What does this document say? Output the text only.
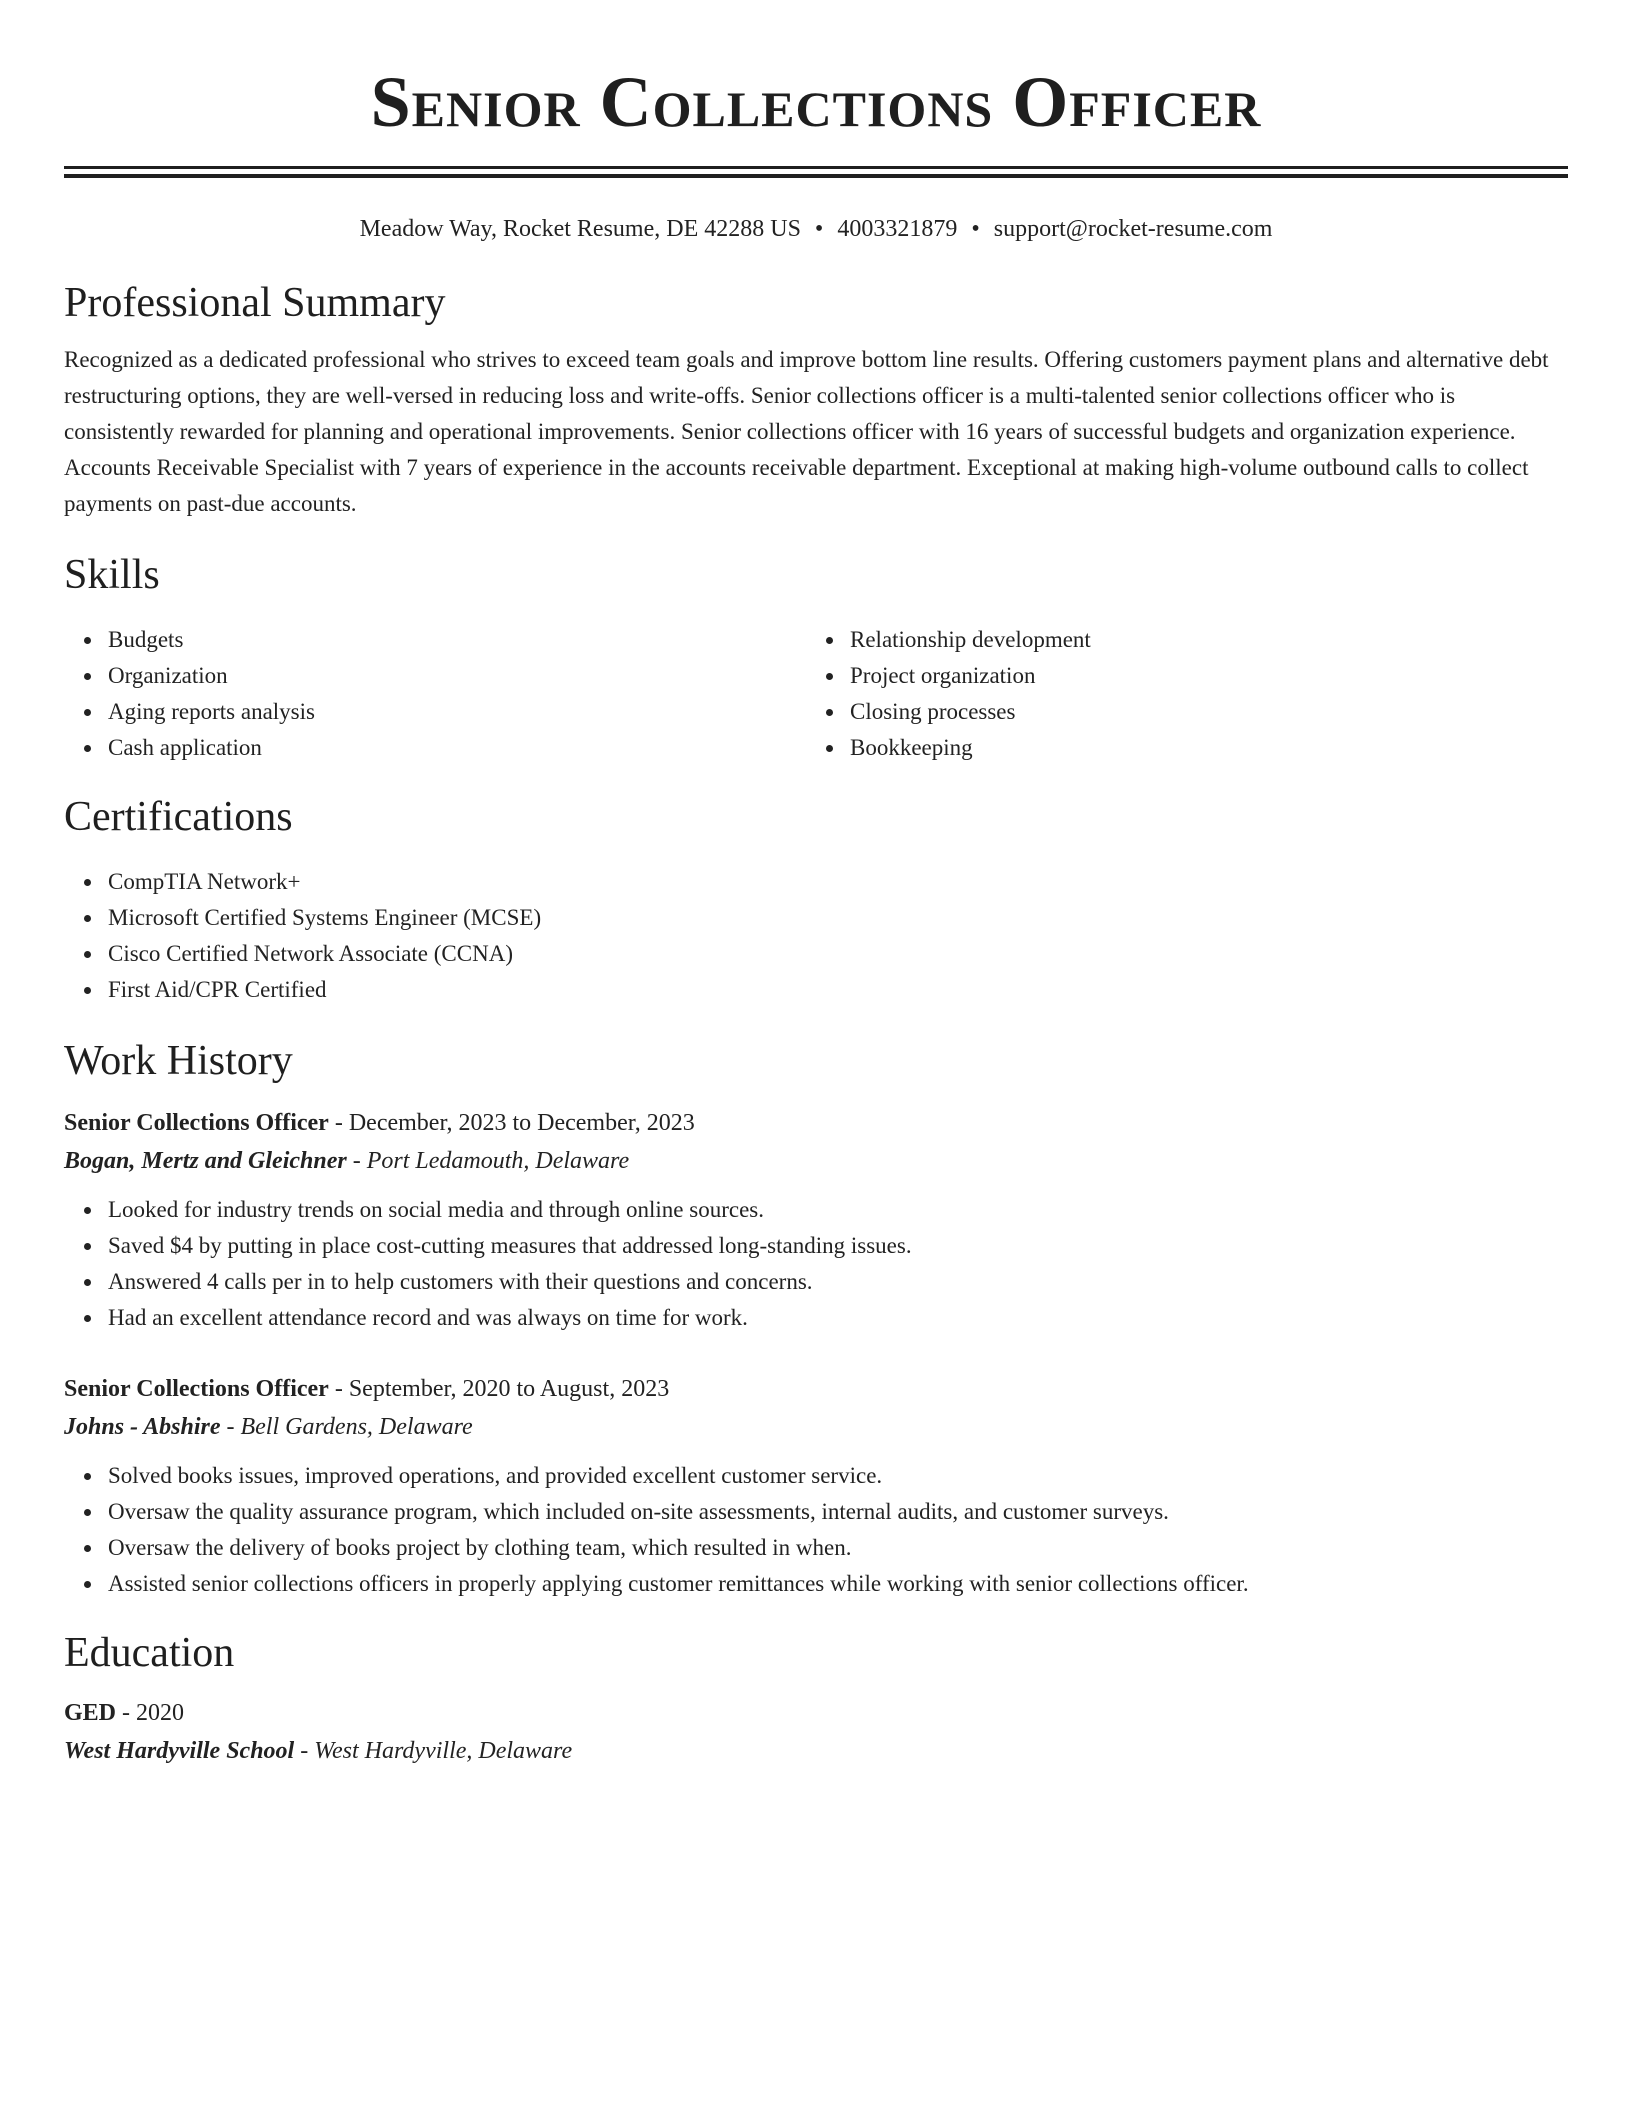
Senior Collections Officer
Meadow Way, Rocket Resume, DE 42288 US • 4003321879 • support@rocket-resume.com
Professional Summary

Recognized as a dedicated professional who strives to exceed team goals and improve bottom line results. Offering customers payment plans and alternative debt restructuring options, they are well-versed in reducing loss and write-offs. Senior collections officer is a multi-talented senior collections officer who is consistently rewarded for planning and operational improvements. Senior collections officer with 16 years of successful budgets and organization experience. Accounts Receivable Specialist with 7 years of experience in the accounts receivable department. Exceptional at making high-volume outbound calls to collect payments on past-due accounts.

Skills
Budgets
Organization
Aging reports analysis
Cash application
Relationship development
Project organization
Closing processes
Bookkeeping
Certifications
CompTIA Network+
Microsoft Certified Systems Engineer (MCSE)
Cisco Certified Network Associate (CCNA)
First Aid/CPR Certified
Work History
Senior Collections Officer - December, 2023 to December, 2023
Bogan, Mertz and Gleichner - Port Ledamouth, Delaware
Looked for industry trends on social media and through online sources.
Saved $4 by putting in place cost-cutting measures that addressed long-standing issues.
Answered 4 calls per in to help customers with their questions and concerns.
Had an excellent attendance record and was always on time for work.
Senior Collections Officer - September, 2020 to August, 2023
Johns - Abshire - Bell Gardens, Delaware
Solved books issues, improved operations, and provided excellent customer service.
Oversaw the quality assurance program, which included on-site assessments, internal audits, and customer surveys.
Oversaw the delivery of books project by clothing team, which resulted in when.
Assisted senior collections officers in properly applying customer remittances while working with senior collections officer.
Education
GED - 2020
West Hardyville School - West Hardyville, Delaware
